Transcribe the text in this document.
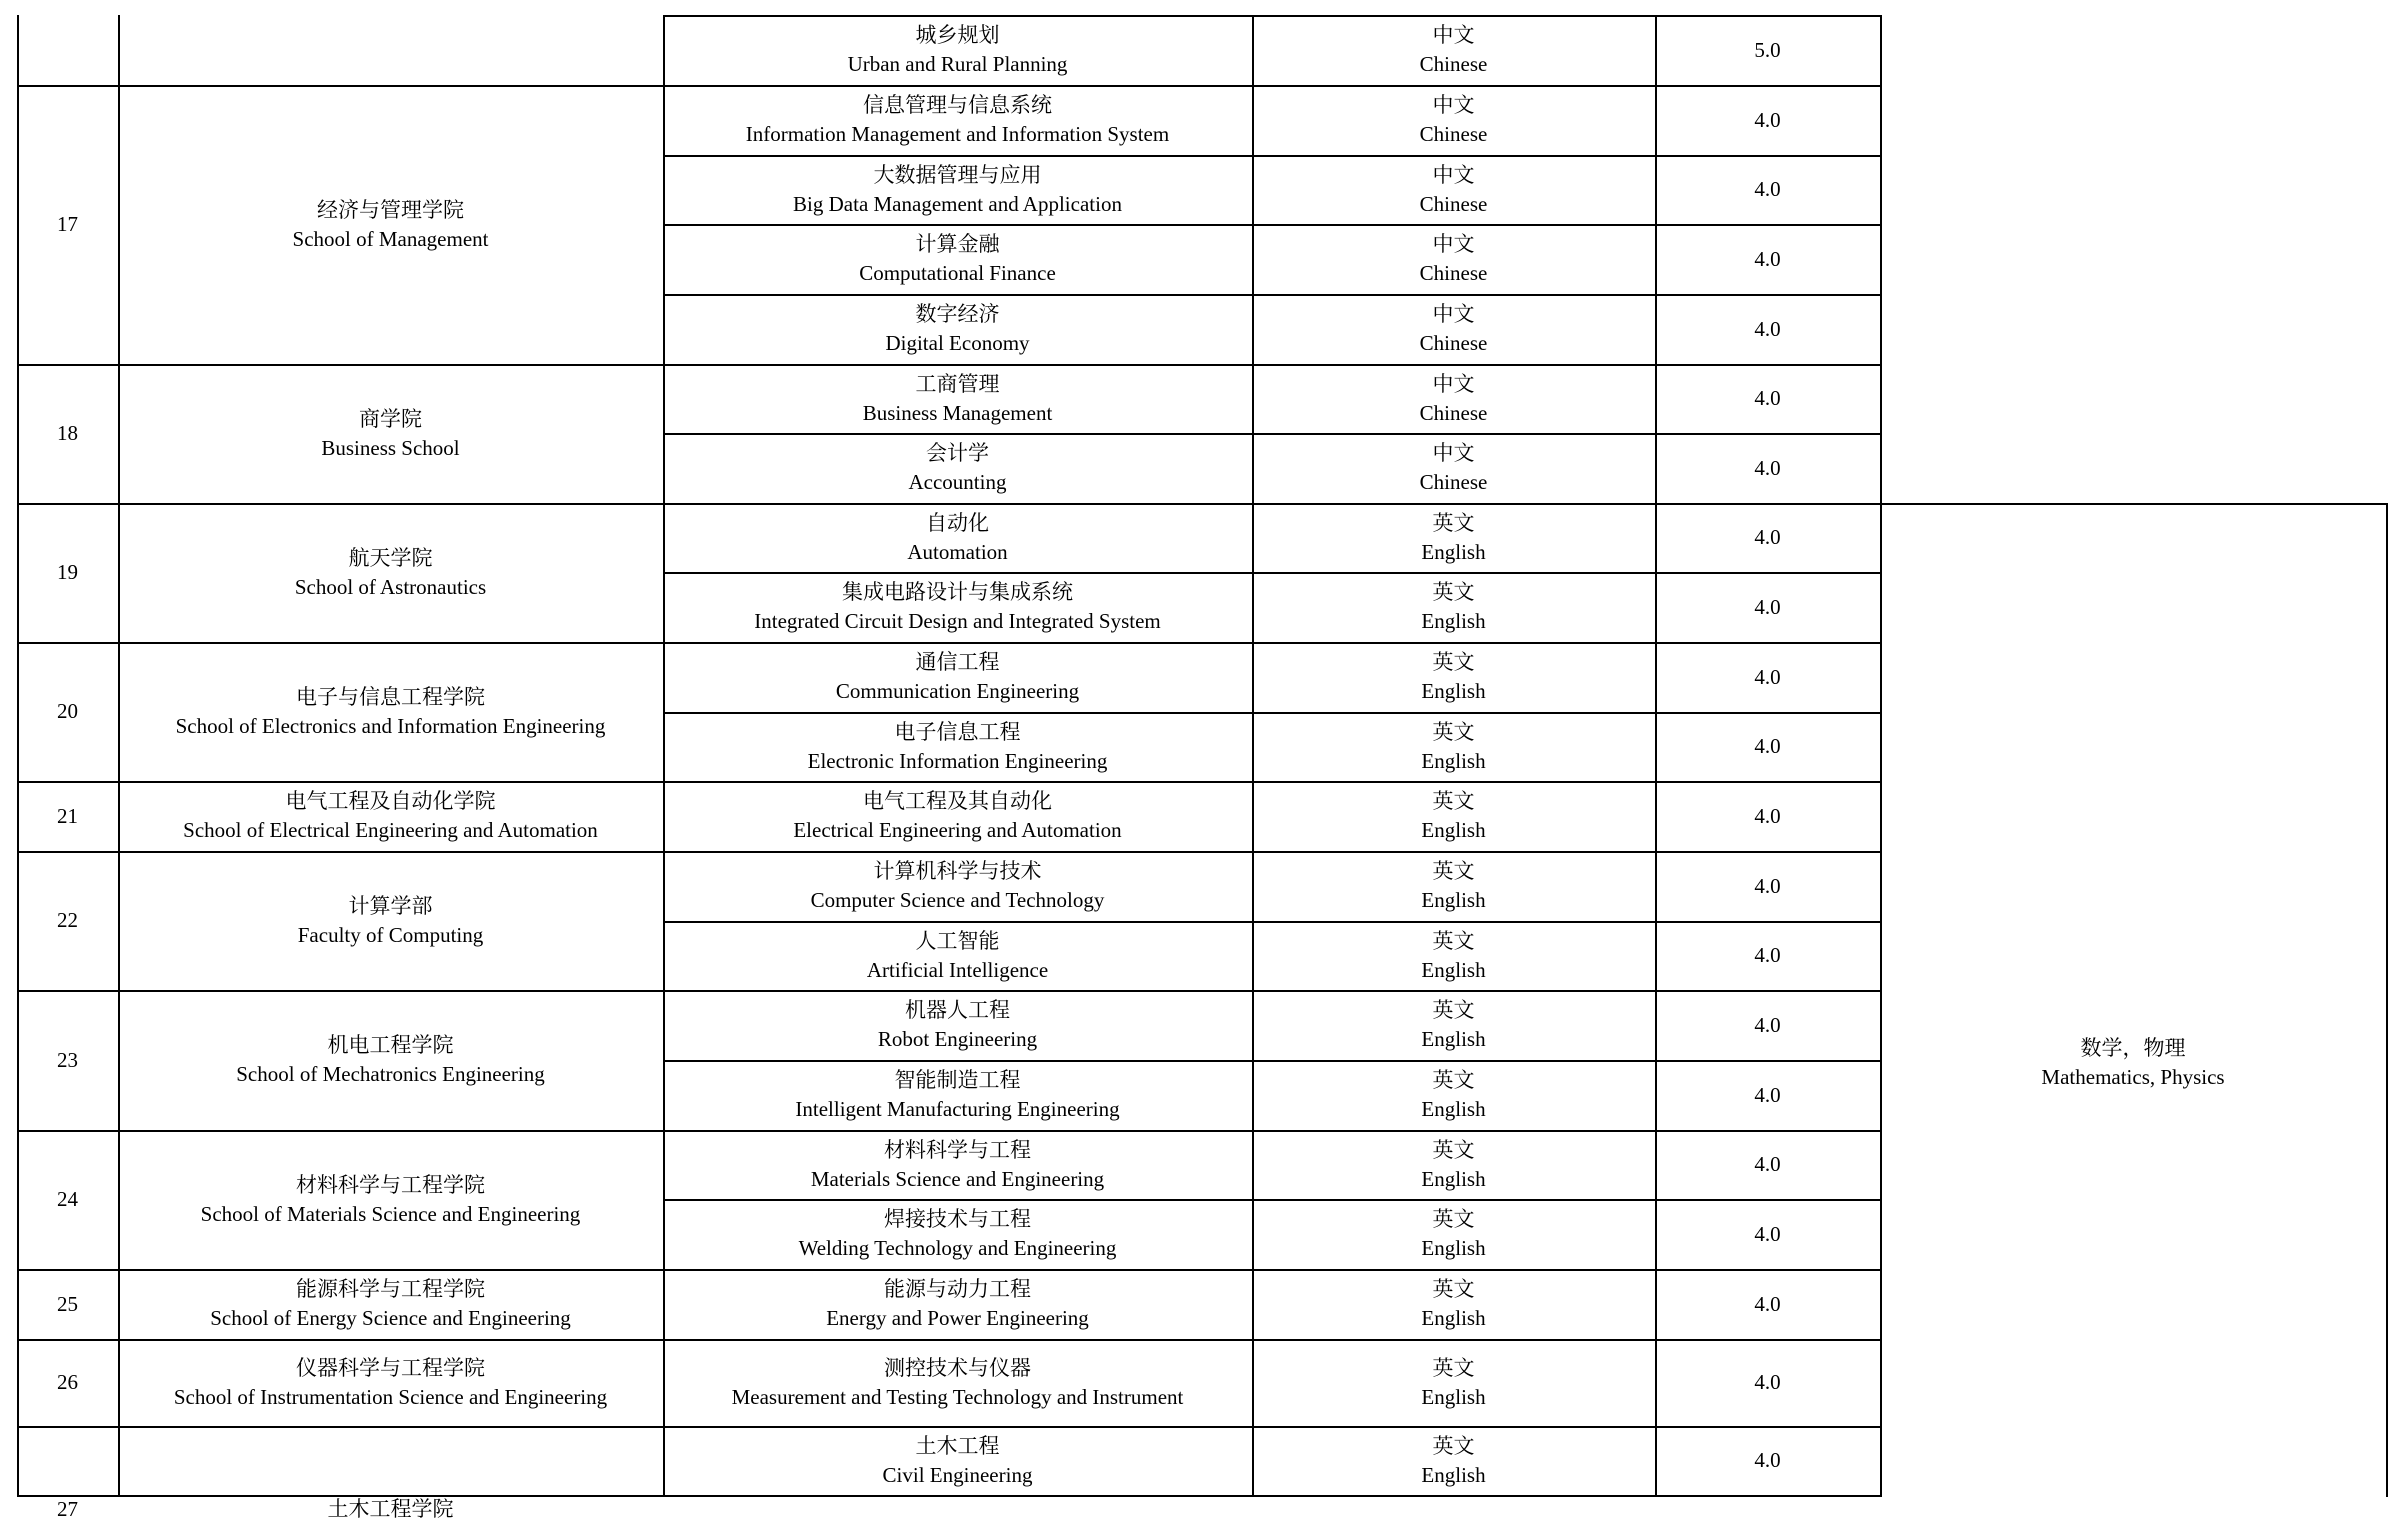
城乡规划
Urban and Rural Planning
中文
Chinese
5.0
17
经济与管理学院
School of Management
信息管理与信息系统
Information Management and Information System
中文
Chinese
4.0
大数据管理与应用
Big Data Management and Application
中文
Chinese
4.0
计算金融
Computational Finance
中文
Chinese
4.0
数字经济
Digital Economy
中文
Chinese
4.0
18
商学院
Business School
工商管理
Business Management
中文
Chinese
4.0
会计学
Accounting
中文
Chinese
4.0
19
航天学院
School of Astronautics
自动化
Automation
英文
English
4.0
集成电路设计与集成系统
Integrated Circuit Design and Integrated System
英文
English
4.0
20
电子与信息工程学院
School of Electronics and Information Engineering
通信工程
Communication Engineering
英文
English
4.0
电子信息工程
Electronic Information Engineering
英文
English
4.0
21
电气工程及自动化学院
School of Electrical Engineering and Automation
电气工程及其自动化
Electrical Engineering and Automation
英文
English
4.0
22
计算学部
Faculty of Computing
计算机科学与技术
Computer Science and Technology
英文
English
4.0
人工智能
Artificial Intelligence
英文
English
4.0
23
机电工程学院
School of Mechatronics Engineering
机器人工程
Robot Engineering
英文
English
4.0
智能制造工程
Intelligent Manufacturing Engineering
英文
English
4.0
24
材料科学与工程学院
School of Materials Science and Engineering
材料科学与工程
Materials Science and Engineering
英文
English
4.0
焊接技术与工程
Welding Technology and Engineering
英文
English
4.0
25
能源科学与工程学院
School of Energy Science and Engineering
能源与动力工程
Energy and Power Engineering
英文
English
4.0
26
仪器科学与工程学院
School of Instrumentation Science and Engineering
测控技术与仪器
Measurement and Testing Technology and Instrument
英文
English
4.0
27	土木工程学院
土木工程
Civil Engineering
英文
English
4.0
数学，物理
Mathematics, Physics
